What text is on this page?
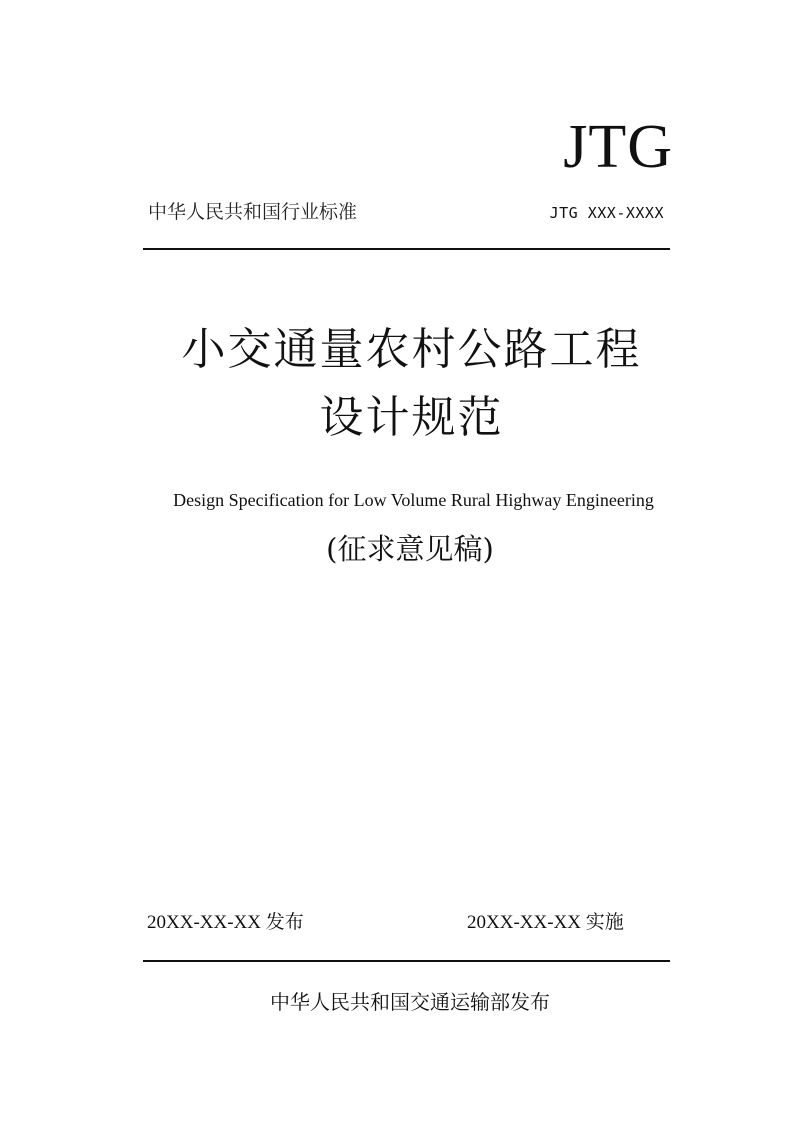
JTG
中华人民共和国行业标准	JTG XXX-XXXX
小交通量农村公路工程
设计规范
Design Specification for Low Volume Rural Highway Engineering
(征求意见稿)
20XX-XX-XX 发布	20XX-XX-XX 实施
中华人民共和国交通运输部发布
